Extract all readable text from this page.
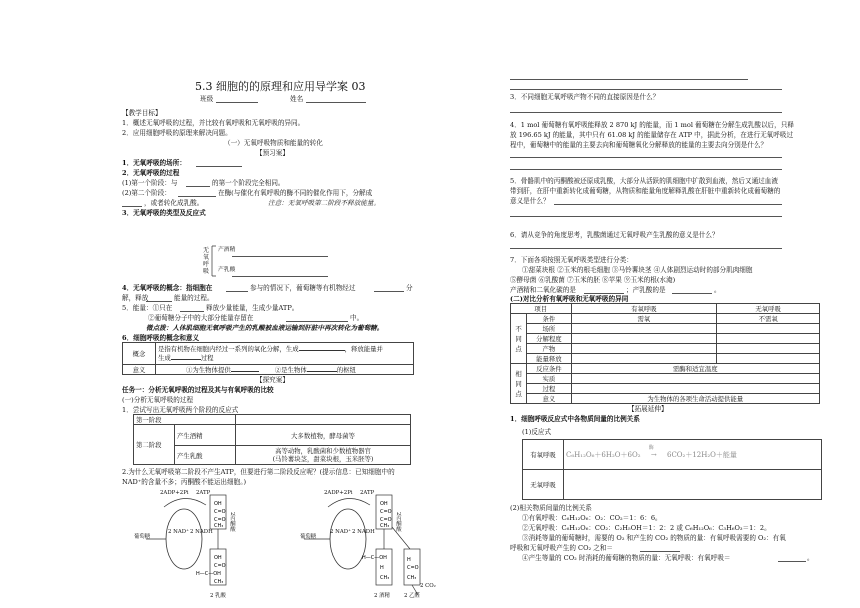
5.3 细胞的的原理和应用导学案 03
班级	姓名
【教学目标】
1．概述无氧呼吸的过程，并比较有氧呼吸和无氧呼吸的异同。
2．应用细胞呼吸的原理来解决问题。
（一）无氧呼吸物质和能量的转化
【预习案】
1．无氧呼吸的场所：
2．无氧呼吸的过程
(1)第一个阶段：与	的第一个阶段完全相同。
(2)第二个阶段：	在酶(与催化有氧呼吸的酶不同的催化作用下，分解成
，或者转化成乳酸。	注意：无氧呼吸第二阶段不释放能量。
3．无氧呼吸的类型及反应式
无氧呼吸
产酒精
产乳酸
4．无氧呼吸的概念：指细胞在	参与的情况下，葡萄糖等有机物经过	分
解，释放	能量的过程。
5．能量：①只在	释放少量能量，生成少量ATP。
②葡萄糖分子中的大部分能量存留在	中。
微点拨：人体肌细胞无氧呼吸产生的乳酸被血液运输到肝脏中再次转化为葡萄糖。
6．细胞呼吸的概念和意义
概念	是指有机物在细胞内经过一系列的氧化分解，生成 ，释放能量并
生成 过程
意义	①为生物体提供 ②是生物体 的枢纽
【探究案】
任务一：分析无氧呼吸的过程及其与有氧呼吸的比较
(一)分析无氧呼吸的过程
1．尝试写出无氧呼吸两个阶段的反应式
第一阶段		
第二阶段	产生酒精	大多数植物，酵母菌等
	产生乳酸	高等动物，乳酸菌和少数植物器官
(马铃薯块茎，甜菜块根，玉米胚等)
2.为什么无氧呼吸第二阶段不产生ATP，但要进行第二阶段反应呢？(提示信息：已知细胞中的
NAD⁺的含量不多；丙酮酸不能运出细胞。)
OH
C=O
C=O
CH₃
OH
C=O
H—C—OH
CH₃
2ADP+2Pi 2ATP
葡萄糖
2 NAD⁺ 2 NADH
2丙酮酸
2 乳酸
OH
C=O
C=O
CH₃
H—C—OH
H
CH₃
H
C=O
CH₃
2ADP+2Pi 2ATP
葡萄糖
2 NAD⁺ 2 NADH
2丙酮酸
2 酒精	2 乙醛
2 CO₂
3．不同细胞无氧呼吸产物不同的直接原因是什么？
4．1 mol 葡萄糖有氧呼吸能释放 2 870 kJ 的能量，而 1 mol 葡萄糖在分解生成乳酸以后，只释
放 196.65 kJ 的能量，其中只有 61.08 kJ 的能量储存在 ATP 中，据此分析，在进行无氧呼吸过
程中，葡萄糖中的能量的主要去向和葡萄糖氧化分解释放的能量的主要去向分别是什么？
5．骨骼肌中的丙酮酸被还原成乳酸，大部分从活跃的肌细胞中扩散到血液，然后又通过血液
带到肝，在肝中重新转化成葡萄糖，从物质和能量角度解释乳酸在肝脏中重新转化成葡萄糖的
意义是什么？
6．请从竞争的角度思考，乳酸菌通过无氧呼吸产生乳酸的意义是什么？
7．下面各项按照无氧呼吸类型进行分类：
①甜菜块根 ②玉米的根毛细胞 ③马铃薯块茎 ④人体剧烈运动时的部分肌肉细胞
⑤酵母菌 ⑥乳酸菌 ⑦玉米的胚 ⑧苹果 ⑨玉米的根(水淹)
产酒精和二氧化碳的是	；产乳酸的是	。
(二)对比分析有氧呼吸和无氧呼吸的异同
项目		有氧呼吸	无氧呼吸
不同点	条件	需氧	不需氧
	场所		
	分解程度		
	产物		
	能量释放		
相同点	反应条件	需酶和适宜温度	
	实质		
	过程		
	意义	为生物体的各项生命活动提供能量	
【拓展延伸】
1．细胞呼吸反应式中各物质间量的比例关系
(1)反应式
有氧呼吸	C₆H₁₂O₆＋6H₂O＋6O₂
酶
→ 6CO₂＋12H₂O＋能量
无氧呼吸	
(2)相关物质间量的比例关系
①有氧呼吸：C₆H₁₂O₆：O₂：CO₂＝1：6：6。
②无氧呼吸：C₆H₁₂O₆：CO₂：C₂H₅OH＝1：2：2 或 C₆H₁₂O₆：C₃H₆O₃＝1：2。
③消耗等量的葡萄糖时，需要的 O₂ 和产生的 CO₂ 的物质的量：有氧呼吸需要的 O₂：有氧
呼吸和无氧呼吸产生的 CO₂ 之和＝
④产生等量的 CO₂ 时消耗的葡萄糖的物质的量：无氧呼吸：有氧呼吸＝	。
